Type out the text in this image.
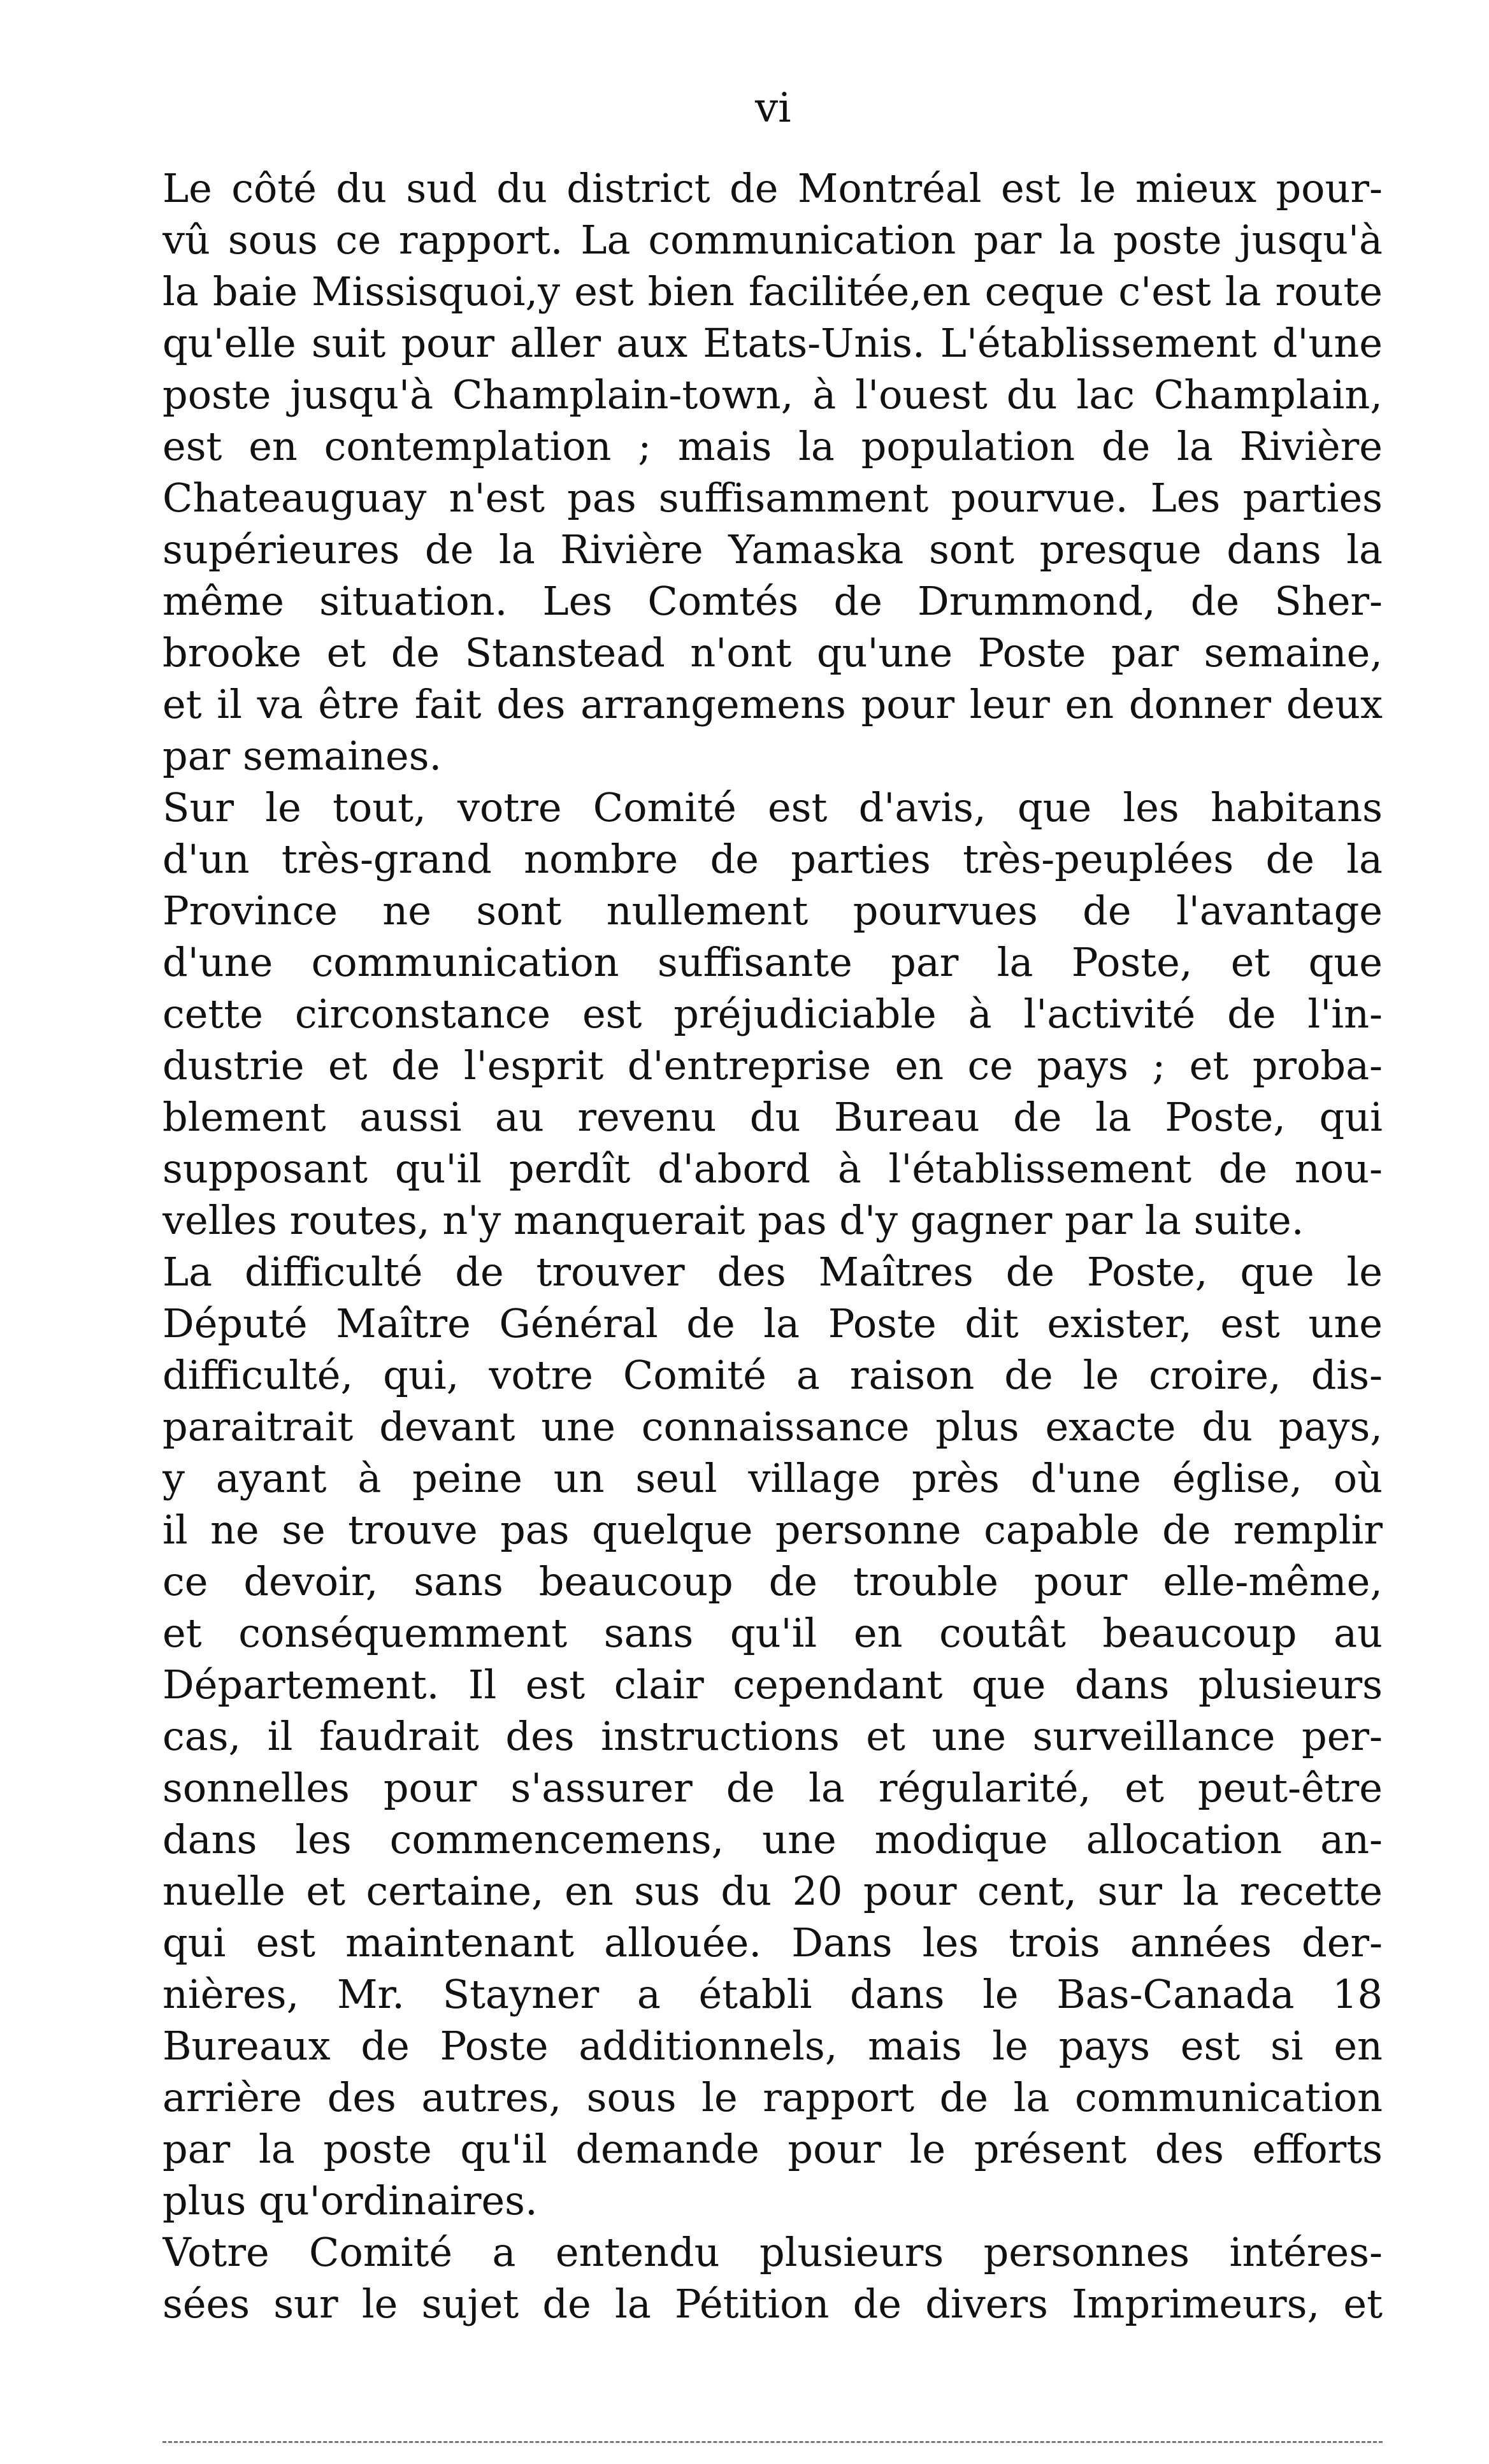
vi
Le côté du sud du district de Montréal est le mieux pour-
vû sous ce rapport. La communication par la poste jusqu'à
la baie Missisquoi,y est bien facilitée,en ceque c'est la route
qu'elle suit pour aller aux Etats-Unis. L'établissement d'une
poste jusqu'à Champlain-town, à l'ouest du lac Champlain,
est en contemplation ; mais la population de la Rivière
Chateauguay n'est pas suffisamment pourvue. Les parties
supérieures de la Rivière Yamaska sont presque dans la
même situation. Les Comtés de Drummond, de Sher-
brooke et de Stanstead n'ont qu'une Poste par semaine,
et il va être fait des arrangemens pour leur en donner deux
par semaines.
Sur le tout, votre Comité est d'avis, que les habitans
d'un très-grand nombre de parties très-peuplées de la
Province ne sont nullement pourvues de l'avantage
d'une communication suffisante par la Poste, et que
cette circonstance est préjudiciable à l'activité de l'in-
dustrie et de l'esprit d'entreprise en ce pays ; et proba-
blement aussi au revenu du Bureau de la Poste, qui
supposant qu'il perdît d'abord à l'établissement de nou-
velles routes, n'y manquerait pas d'y gagner par la suite.
La difficulté de trouver des Maîtres de Poste, que le
Député Maître Général de la Poste dit exister, est une
difficulté, qui, votre Comité a raison de le croire, dis-
paraitrait devant une connaissance plus exacte du pays,
y ayant à peine un seul village près d'une église, où
il ne se trouve pas quelque personne capable de remplir
ce devoir, sans beaucoup de trouble pour elle-même,
et conséquemment sans qu'il en coutât beaucoup au
Département. Il est clair cependant que dans plusieurs
cas, il faudrait des instructions et une surveillance per-
sonnelles pour s'assurer de la régularité, et peut-être
dans les commencemens, une modique allocation an-
nuelle et certaine, en sus du 20 pour cent, sur la recette
qui est maintenant allouée. Dans les trois années der-
nières, Mr. Stayner a établi dans le Bas-Canada 18
Bureaux de Poste additionnels, mais le pays est si en
arrière des autres, sous le rapport de la communication
par la poste qu'il demande pour le présent des efforts
plus qu'ordinaires.
Votre Comité a entendu plusieurs personnes intéres-
sées sur le sujet de la Pétition de divers Imprimeurs, et
